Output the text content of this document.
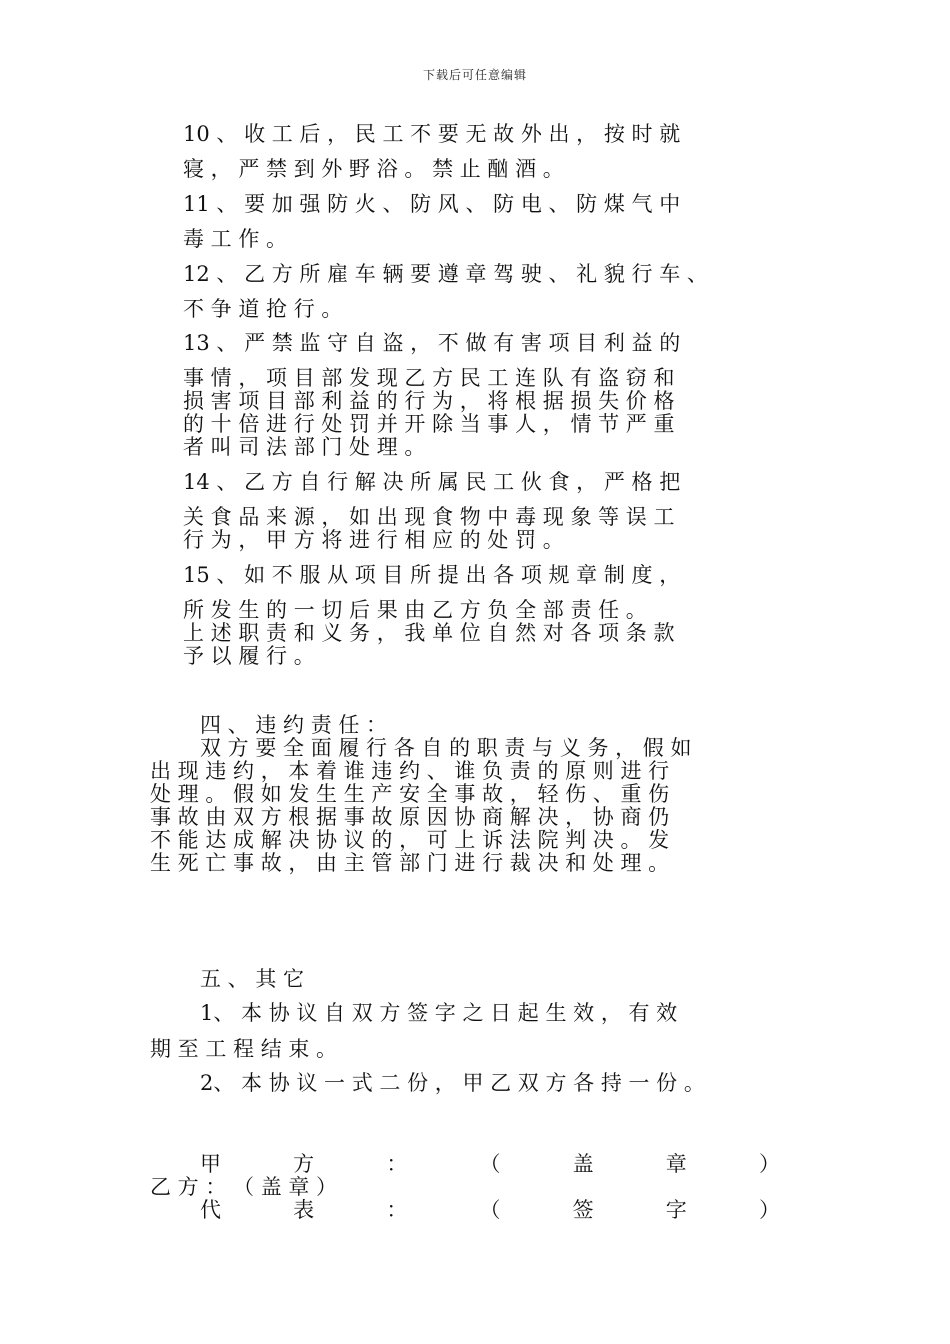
下载后可任意编辑
10 、 收 工 后 ， 民 工 不 要 无 故 外 出 ， 按 时 就
寝 ， 严 禁 到 外 野 浴 。 禁 止 酗 酒 。
11 、 要 加 强 防 火 、 防 风 、 防 电 、 防 煤 气 中
毒 工 作 。
12 、 乙 方 所 雇 车 辆 要 遵 章 驾 驶 、 礼 貌 行 车 、
不 争 道 抢 行 。
13 、 严 禁 监 守 自 盗 ， 不 做 有 害 项 目 利 益 的
事 情 ， 项 目 部 发 现 乙 方 民 工 连 队 有 盗 窃 和
损 害 项 目 部 利 益 的 行 为 ， 将 根 据 损 失 价 格
的 十 倍 进 行 处 罚 并 开 除 当 事 人 ， 情 节 严 重
者 叫 司 法 部 门 处 理 。
14 、 乙 方 自 行 解 决 所 属 民 工 伙 食 ， 严 格 把
关 食 品 来 源 ， 如 出 现 食 物 中 毒 现 象 等 误 工
行 为 ， 甲 方 将 进 行 相 应 的 处 罚 。
15 、 如 不 服 从 项 目 所 提 出 各 项 规 章 制 度 ，
所 发 生 的 一 切 后 果 由 乙 方 负 全 部 责 任 。
上 述 职 责 和 义 务 ， 我 单 位 自 然 对 各 项 条 款
予 以 履 行 。
四 、 违 约 责 任 ：
双 方 要 全 面 履 行 各 自 的 职 责 与 义 务 ， 假 如
出 现 违 约 ， 本 着 谁 违 约 、 谁 负 责 的 原 则 进 行
处 理 。 假 如 发 生 生 产 安 全 事 故 ， 轻 伤 、 重 伤
事 故 由 双 方 根 据 事 故 原 因 协 商 解 决 ， 协 商 仍
不 能 达 成 解 决 协 议 的 ， 可 上 诉 法 院 判 决 。 发
生 死 亡 事 故 ， 由 主 管 部 门 进 行 裁 决 和 处 理 。
五 、 其 它
1、 本 协 议 自 双 方 签 字 之 日 起 生 效 ， 有 效
期 至 工 程 结 束 。
2、 本 协 议 一 式 二 份 ， 甲 乙 双 方 各 持 一 份 。
甲	方	：	（	盖	章	）
乙 方 ： （ 盖 章 ）
代	表	：	（	签	字	）
